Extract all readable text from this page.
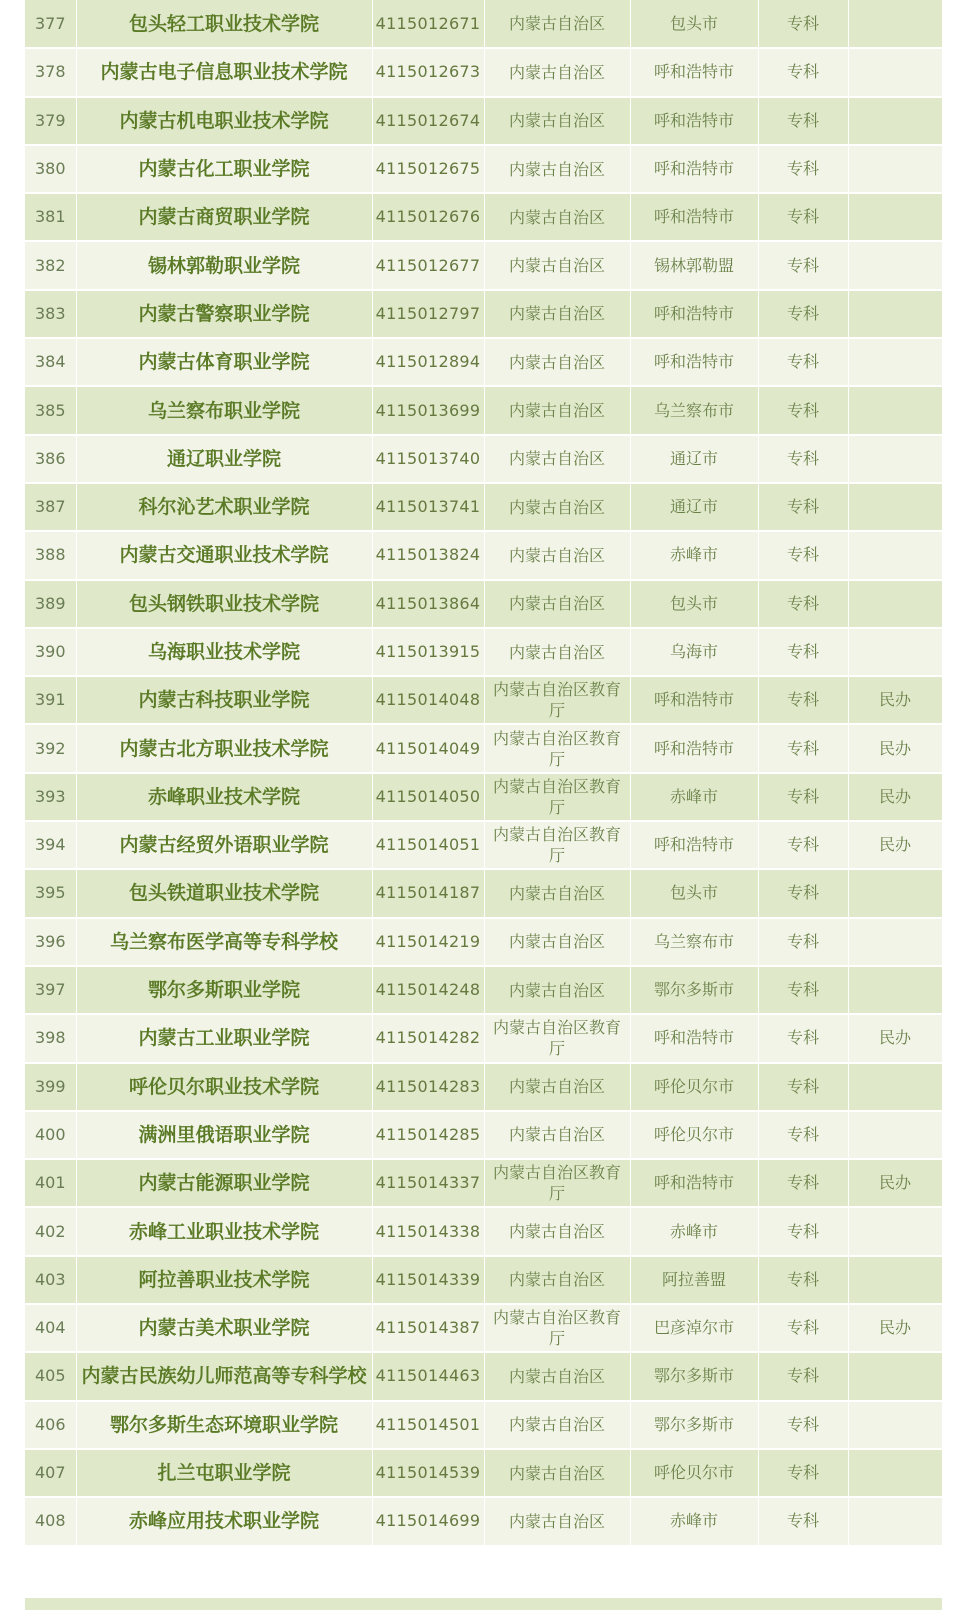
377	包头轻工职业技术学院	4115012671	内蒙古自治区	包头市	专科	
378	内蒙古电子信息职业技术学院	4115012673	内蒙古自治区	呼和浩特市	专科	
379	内蒙古机电职业技术学院	4115012674	内蒙古自治区	呼和浩特市	专科	
380	内蒙古化工职业学院	4115012675	内蒙古自治区	呼和浩特市	专科	
381	内蒙古商贸职业学院	4115012676	内蒙古自治区	呼和浩特市	专科	
382	锡林郭勒职业学院	4115012677	内蒙古自治区	锡林郭勒盟	专科	
383	内蒙古警察职业学院	4115012797	内蒙古自治区	呼和浩特市	专科	
384	内蒙古体育职业学院	4115012894	内蒙古自治区	呼和浩特市	专科	
385	乌兰察布职业学院	4115013699	内蒙古自治区	乌兰察布市	专科	
386	通辽职业学院	4115013740	内蒙古自治区	通辽市	专科	
387	科尔沁艺术职业学院	4115013741	内蒙古自治区	通辽市	专科	
388	内蒙古交通职业技术学院	4115013824	内蒙古自治区	赤峰市	专科	
389	包头钢铁职业技术学院	4115013864	内蒙古自治区	包头市	专科	
390	乌海职业技术学院	4115013915	内蒙古自治区	乌海市	专科	
391	内蒙古科技职业学院	4115014048	内蒙古自治区教育厅	呼和浩特市	专科	民办
392	内蒙古北方职业技术学院	4115014049	内蒙古自治区教育厅	呼和浩特市	专科	民办
393	赤峰职业技术学院	4115014050	内蒙古自治区教育厅	赤峰市	专科	民办
394	内蒙古经贸外语职业学院	4115014051	内蒙古自治区教育厅	呼和浩特市	专科	民办
395	包头铁道职业技术学院	4115014187	内蒙古自治区	包头市	专科	
396	乌兰察布医学高等专科学校	4115014219	内蒙古自治区	乌兰察布市	专科	
397	鄂尔多斯职业学院	4115014248	内蒙古自治区	鄂尔多斯市	专科	
398	内蒙古工业职业学院	4115014282	内蒙古自治区教育厅	呼和浩特市	专科	民办
399	呼伦贝尔职业技术学院	4115014283	内蒙古自治区	呼伦贝尔市	专科	
400	满洲里俄语职业学院	4115014285	内蒙古自治区	呼伦贝尔市	专科	
401	内蒙古能源职业学院	4115014337	内蒙古自治区教育厅	呼和浩特市	专科	民办
402	赤峰工业职业技术学院	4115014338	内蒙古自治区	赤峰市	专科	
403	阿拉善职业技术学院	4115014339	内蒙古自治区	阿拉善盟	专科	
404	内蒙古美术职业学院	4115014387	内蒙古自治区教育厅	巴彦淖尔市	专科	民办
405	内蒙古民族幼儿师范高等专科学校	4115014463	内蒙古自治区	鄂尔多斯市	专科	
406	鄂尔多斯生态环境职业学院	4115014501	内蒙古自治区	鄂尔多斯市	专科	
407	扎兰屯职业学院	4115014539	内蒙古自治区	呼伦贝尔市	专科	
408	赤峰应用技术职业学院	4115014699	内蒙古自治区	赤峰市	专科	
